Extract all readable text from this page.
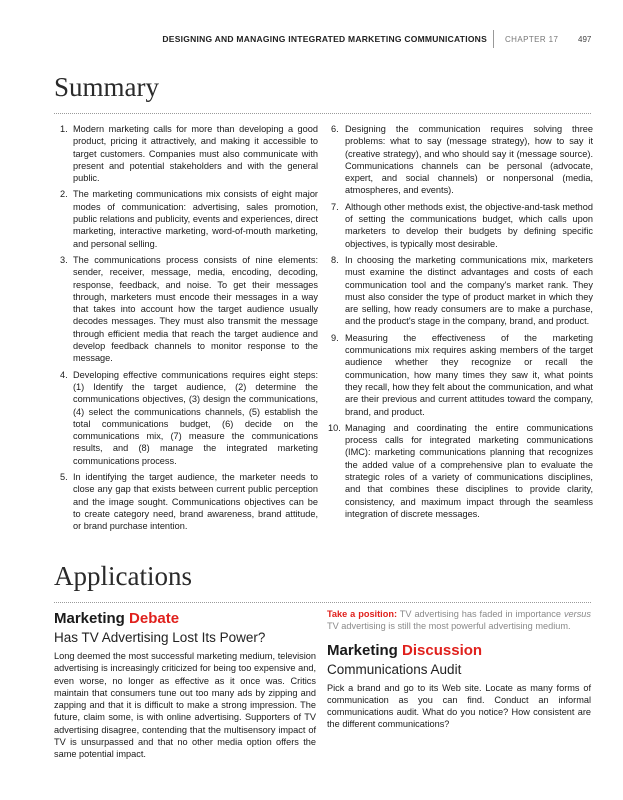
DESIGNING AND MANAGING INTEGRATED MARKETING COMMUNICATIONS CHAPTER 17 497
Summary
1. Modern marketing calls for more than developing a good product, pricing it attractively, and making it accessible to target customers. Companies must also communicate with present and potential stakeholders and with the general public.
2. The marketing communications mix consists of eight major modes of communication: advertising, sales promotion, public relations and publicity, events and experiences, direct marketing, interactive marketing, word-of-mouth marketing, and personal selling.
3. The communications process consists of nine elements: sender, receiver, message, media, encoding, decoding, response, feedback, and noise. To get their messages through, marketers must encode their messages in a way that takes into account how the target audience usually decodes messages. They must also transmit the message through efficient media that reach the target audience and develop feedback channels to monitor response to the message.
4. Developing effective communications requires eight steps: (1) Identify the target audience, (2) determine the communications objectives, (3) design the communications, (4) select the communications channels, (5) establish the total communications budget, (6) decide on the communications mix, (7) measure the communications results, and (8) manage the integrated marketing communications process.
5. In identifying the target audience, the marketer needs to close any gap that exists between current public perception and the image sought. Communications objectives can be to create category need, brand awareness, brand attitude, or brand purchase intention.
6. Designing the communication requires solving three problems: what to say (message strategy), how to say it (creative strategy), and who should say it (message source). Communications channels can be personal (advocate, expert, and social channels) or nonpersonal (media, atmospheres, and events).
7. Although other methods exist, the objective-and-task method of setting the communications budget, which calls upon marketers to develop their budgets by defining specific objectives, is typically most desirable.
8. In choosing the marketing communications mix, marketers must examine the distinct advantages and costs of each communication tool and the company's market rank. They must also consider the type of product market in which they are selling, how ready consumers are to make a purchase, and the product's stage in the company, brand, and product.
9. Measuring the effectiveness of the marketing communications mix requires asking members of the target audience whether they recognize or recall the communication, how many times they saw it, what points they recall, how they felt about the communication, and what are their previous and current attitudes toward the company, brand, and product.
10. Managing and coordinating the entire communications process calls for integrated marketing communications (IMC): marketing communications planning that recognizes the added value of a comprehensive plan to evaluate the strategic roles of a variety of communications disciplines, and that combines these disciplines to provide clarity, consistency, and maximum impact through the seamless integration of discrete messages.
Applications
Marketing Debate
Has TV Advertising Lost Its Power?
Long deemed the most successful marketing medium, television advertising is increasingly criticized for being too expensive and, even worse, no longer as effective as it once was. Critics maintain that consumers tune out too many ads by zipping and zapping and that it is difficult to make a strong impression. The future, claim some, is with online advertising. Supporters of TV advertising disagree, contending that the multisensory impact of TV is unsurpassed and that no other media option offers the same potential impact.
Take a position: TV advertising has faded in importance versus TV advertising is still the most powerful advertising medium.
Marketing Discussion
Communications Audit
Pick a brand and go to its Web site. Locate as many forms of communication as you can find. Conduct an informal communications audit. What do you notice? How consistent are the different communications?
